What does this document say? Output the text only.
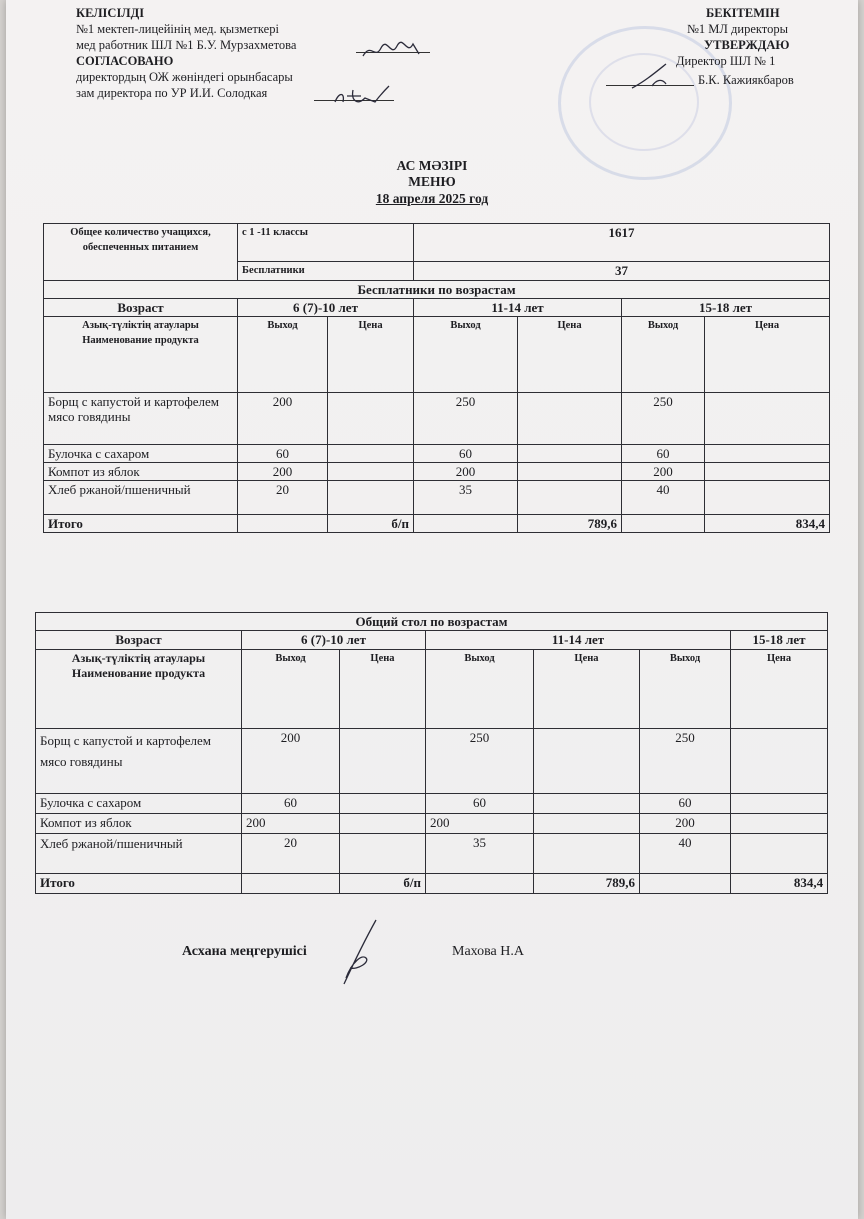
КЕЛІСІЛДІ
№1 мектеп-лицейінің мед. қызметкері
мед работник ШЛ №1 Б.У. Мурзахметова
СОГЛАСОВАНО
директордың ОЖ жөніндегі орынбасары
зам директора по УР И.И. Солодкая
БЕКІТЕМІН
№1 МЛ директоры
УТВЕРЖДАЮ
Директор ШЛ № 1
Б.К. Кажиякбаров
АС МӘЗІРІ
МЕНЮ
18 апреля 2025 год
Общее количество учащихся, обеспеченных питанием	с 1 -11 классы		1617			
	Бесплатники		37			
Бесплатники по возрастам						
Возраст	6 (7)-10 лет		11-14 лет		15-18 лет	
Азық-түліктің атаулары Наименование продукта	Выход	Цена	Выход	Цена	Выход	Цена
Борщ с капустой и картофелем мясо говядины	200		250		250	
Булочка с сахаром	60		60		60	
Компот из яблок	200		200		200	
Хлеб ржаной/пшеничный	20		35		40	
Итого		б/п		789,6		834,4
Общий стол по возрастам						
Возраст	6 (7)-10 лет		11-14 лет			15-18 лет

Азық-түліктің атаулары
Наименование продукта	Выход	Цена	Выход	Цена	Выход	Цена
Борщ с капустой и картофелем мясо говядины	200		250		250	
Булочка с сахаром	60		60		60	
Компот из яблок	200		200		200	
Хлеб ржаной/пшеничный	20		35		40	
Итого		б/п		789,6		834,4
Асхана меңгерушісі	Махова Н.А
